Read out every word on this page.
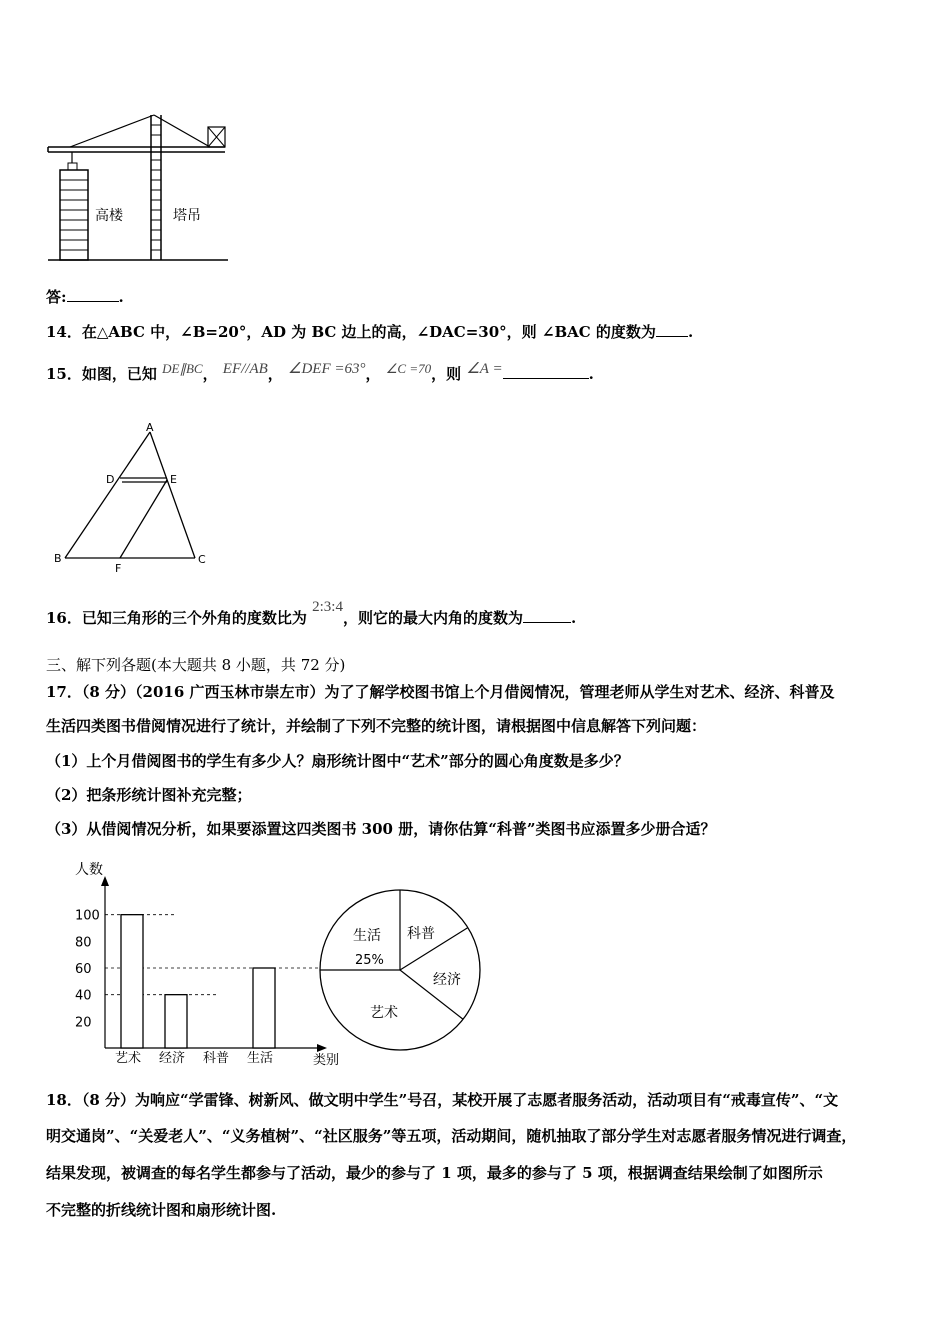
高楼	塔吊
答:	.
14．在△ABC 中，∠B=20°，AD 为 BC 边上的高，∠DAC=30°，则 ∠BAC 的度数为 .
15．如图，已知 DE∥BC， EF//AB， ∠DEF =63°， ∠C =70，则 ∠A =	.
A
D	E
B
F
C
16．已知三角形的三个外角的度数比为 2:3:4，则它的最大内角的度数为	.
三、解下列各题(本大题共 8 小题，共 72 分)
17．（8 分）（2016 广西玉林市崇左市）为了了解学校图书馆上个月借阅情况，管理老师从学生对艺术、经济、科普及
生活四类图书借阅情况进行了统计，并绘制了下列不完整的统计图，请根据图中信息解答下列问题：
（1）上个月借阅图书的学生有多少人？扇形统计图中“艺术”部分的圆心角度数是多少？
（2）把条形统计图补充完整；
（3）从借阅情况分析，如果要添置这四类图书 300 册，请你估算“科普”类图书应添置多少册合适？
人数
类别
20
40
60
80
100
艺术 经济 科普 生活
生活
25%
科普
经济
艺术
18．（8 分）为响应“学雷锋、树新风、做文明中学生”号召，某校开展了志愿者服务活动，活动项目有“戒毒宣传”、“文
明交通岗”、“关爱老人”、“义务植树”、“社区服务”等五项，活动期间，随机抽取了部分学生对志愿者服务情况进行调查，
结果发现，被调查的每名学生都参与了活动，最少的参与了 1 项，最多的参与了 5 项，根据调查结果绘制了如图所示
不完整的折线统计图和扇形统计图.
